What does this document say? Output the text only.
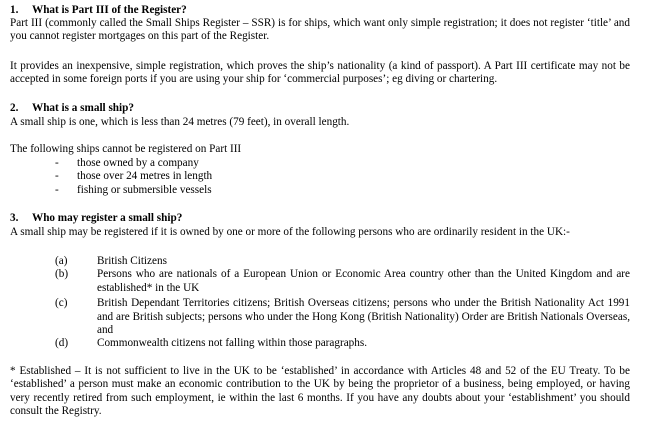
1. What is Part III of the Register?

Part III (commonly called the Small Ships Register – SSR) is for ships, which want only simple registration; it does not register ‘title’ and you cannot register mortgages on this part of the Register.

It provides an inexpensive, simple registration, which proves the ship’s nationality (a kind of passport). A Part III certificate may not be accepted in some foreign ports if you are using your ship for ‘commercial purposes’; eg diving or chartering.

2. What is a small ship?

A small ship is one, which is less than 24 metres (79 feet), in overall length.

The following ships cannot be registered on Part III

- those owned by a company
- those over 24 metres in length
- fishing or submersible vessels
3. Who may register a small ship?

A small ship may be registered if it is owned by one or more of the following persons who are ordinarily resident in the UK:-

(a)	British Citizens
(b)	Persons who are nationals of a European Union or Economic Area country other than the United Kingdom and are established* in the UK
(c)	British Dependant Territories citizens; British Overseas citizens; persons who under the British Nationality Act 1991 and are British subjects; persons who under the Hong Kong (British Nationality) Order are British Nationals Overseas, and
(d)	Commonwealth citizens not falling within those paragraphs.

* Established – It is not sufficient to live in the UK to be ‘established’ in accordance with Articles 48 and 52 of the EU Treaty. To be ‘established’ a person must make an economic contribution to the UK by being the proprietor of a business, being employed, or having very recently retired from such employment, ie within the last 6 months. If you have any doubts about your ‘establishment’ you should consult the Registry.
